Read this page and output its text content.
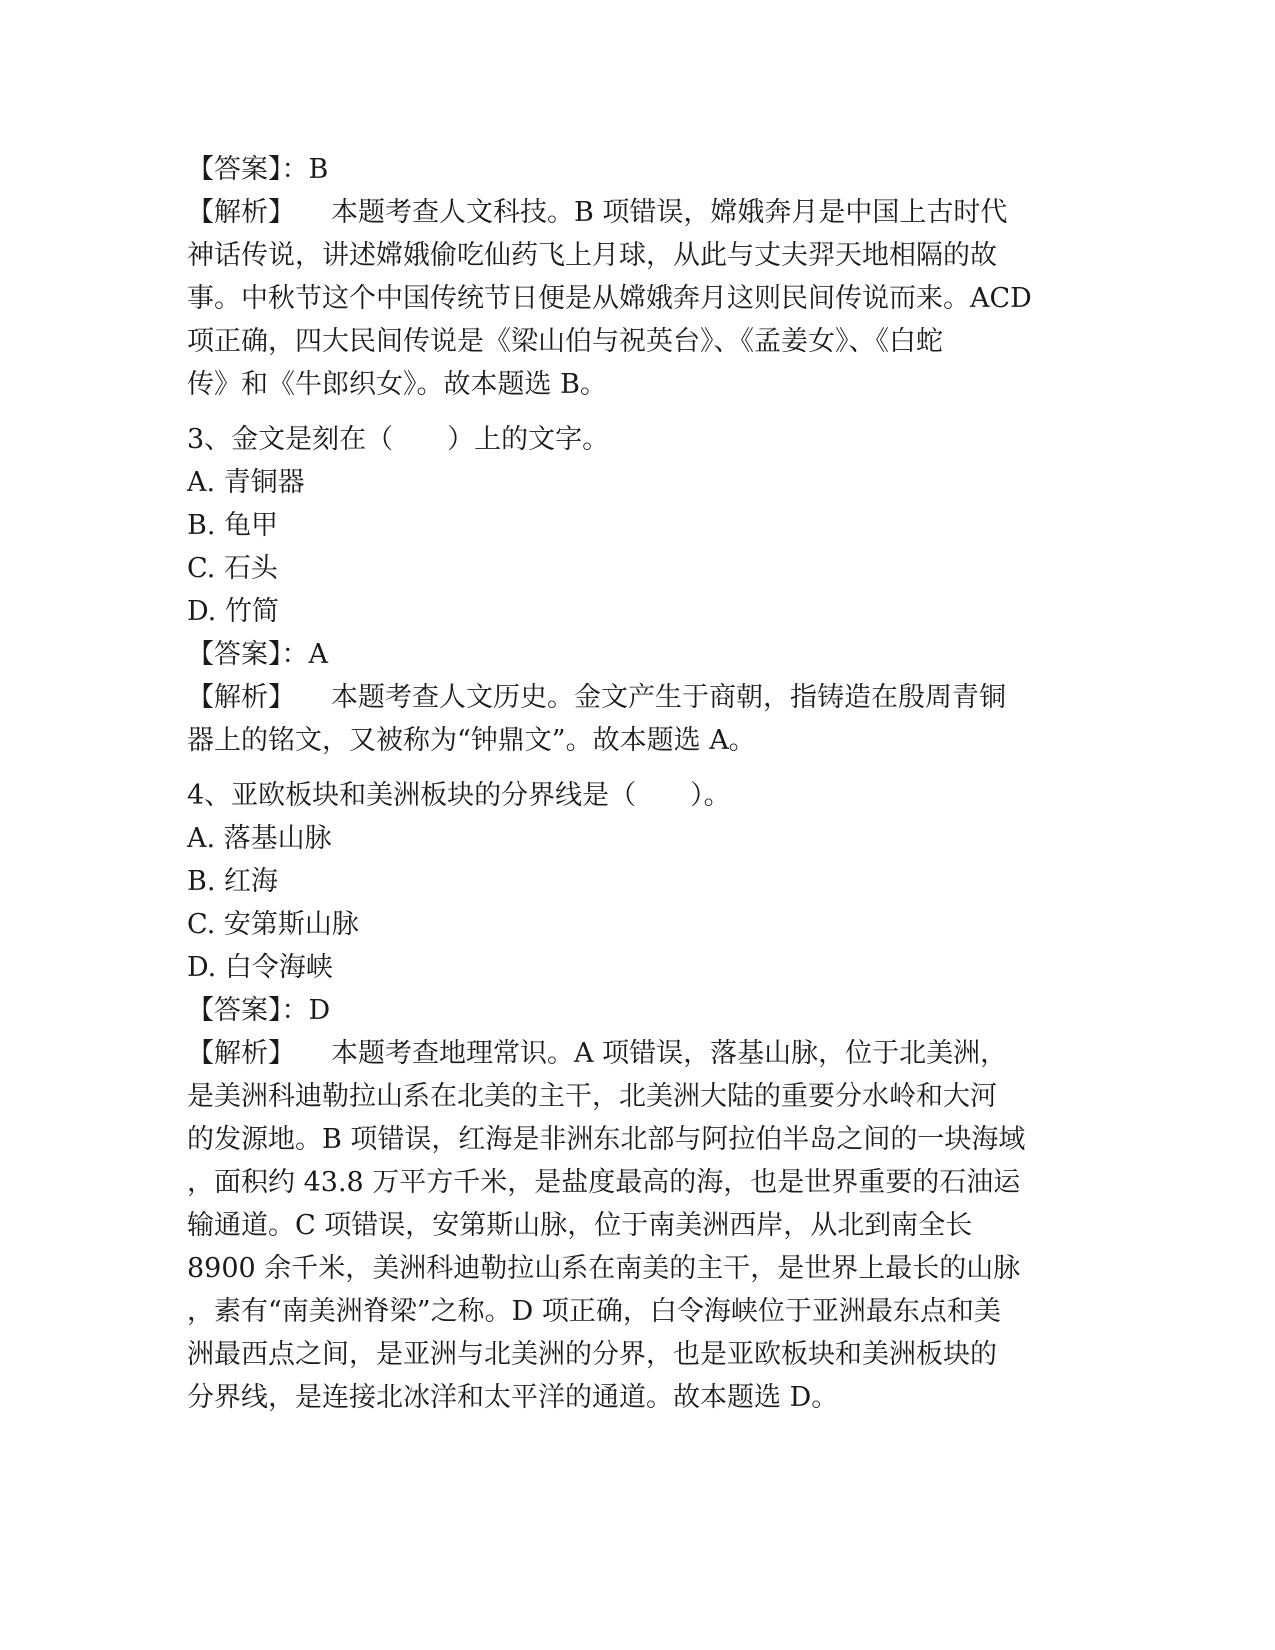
【答案】：B
【解析】 本题考查人文科技。B 项错误，嫦娥奔月是中国上古时代
神话传说，讲述嫦娥偷吃仙药飞上月球，从此与丈夫羿天地相隔的故
事。中秋节这个中国传统节日便是从嫦娥奔月这则民间传说而来。ACD
项正确，四大民间传说是《梁山伯与祝英台》、《孟姜女》、《白蛇
传》和《牛郎织女》。故本题选 B。
3、金文是刻在（　　）上的文字。
A. 青铜器
B. 龟甲
C. 石头
D. 竹简
【答案】：A
【解析】 本题考查人文历史。金文产生于商朝，指铸造在殷周青铜
器上的铭文，又被称为“钟鼎文”。故本题选 A。
4、亚欧板块和美洲板块的分界线是（　　）。
A. 落基山脉
B. 红海
C. 安第斯山脉
D. 白令海峡
【答案】：D
【解析】 本题考查地理常识。A 项错误，落基山脉，位于北美洲，
是美洲科迪勒拉山系在北美的主干，北美洲大陆的重要分水岭和大河
的发源地。B 项错误，红海是非洲东北部与阿拉伯半岛之间的一块海域
，面积约 43.8 万平方千米，是盐度最高的海，也是世界重要的石油运
输通道。C 项错误，安第斯山脉，位于南美洲西岸，从北到南全长
8900 余千米，美洲科迪勒拉山系在南美的主干，是世界上最长的山脉
，素有“南美洲脊梁”之称。D 项正确，白令海峡位于亚洲最东点和美
洲最西点之间，是亚洲与北美洲的分界，也是亚欧板块和美洲板块的
分界线，是连接北冰洋和太平洋的通道。故本题选 D。
